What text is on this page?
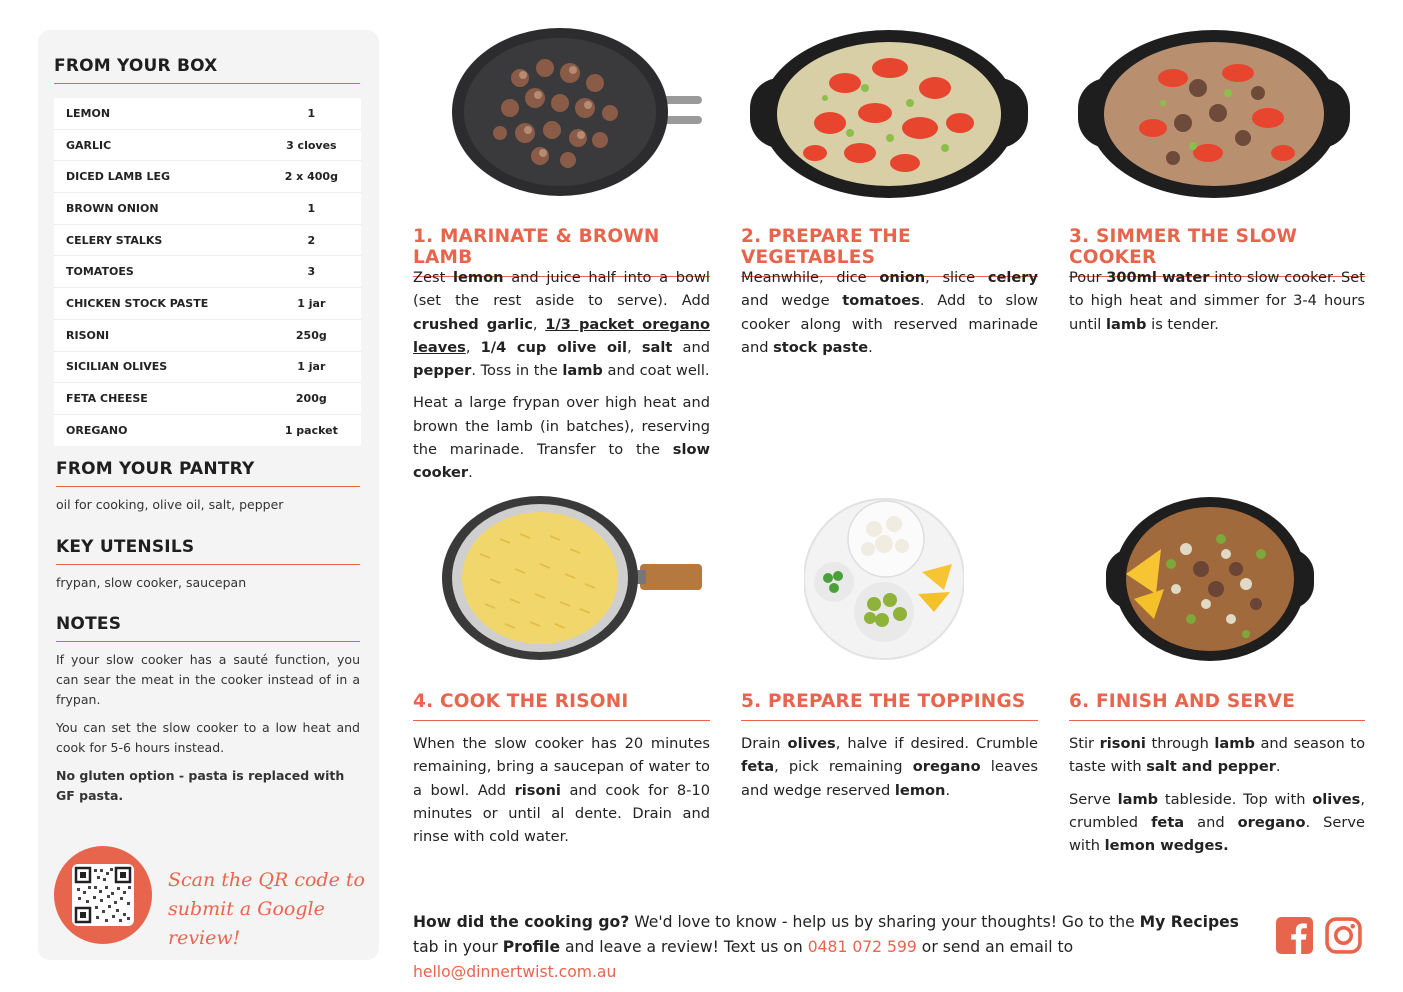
FROM YOUR BOX
LEMON	1
GARLIC	3 cloves
DICED LAMB LEG	2 x 400g
BROWN ONION	1
CELERY STALKS	2
TOMATOES	3
CHICKEN STOCK PASTE	1 jar
RISONI	250g
SICILIAN OLIVES	1 jar
FETA CHEESE	200g
OREGANO	1 packet
FROM YOUR PANTRY

oil for cooking, olive oil, salt, pepper

KEY UTENSILS

frypan, slow cooker, saucepan

NOTES

If your slow cooker has a sauté function, you can sear the meat in the cooker instead of in a frypan.

You can set the slow cooker to a low heat and cook for 5-6 hours instead.

No gluten option - pasta is replaced with GF pasta.

Scan the QR code to
submit a Google review!
1. MARINATE & BROWN LAMB

Zest lemon and juice half into a bowl (set the rest aside to serve). Add crushed garlic, 1/3 packet oregano leaves, 1/4 cup olive oil, salt and pepper. Toss in the lamb and coat well.

Heat a large frypan over high heat and brown the lamb (in batches), reserving the marinade. Transfer to the slow cooker.

2. PREPARE THE VEGETABLES

Meanwhile, dice onion, slice celery and wedge tomatoes. Add to slow cooker along with reserved marinade and stock paste.

3. SIMMER THE SLOW COOKER

Pour 300ml water into slow cooker. Set to high heat and simmer for 3-4 hours until lamb is tender.

4. COOK THE RISONI

When the slow cooker has 20 minutes remaining, bring a saucepan of water to a bowl. Add risoni and cook for 8-10 minutes or until al dente. Drain and rinse with cold water.

5. PREPARE THE TOPPINGS

Drain olives, halve if desired. Crumble feta, pick remaining oregano leaves and wedge reserved lemon.

6. FINISH AND SERVE

Stir risoni through lamb and season to taste with salt and pepper.

Serve lamb tableside. Top with olives, crumbled feta and oregano. Serve with lemon wedges.

How did the cooking go? We'd love to know - help us by sharing your thoughts! Go to the My Recipes tab in your Profile and leave a review! Text us on 0481 072 599 or send an email to hello@dinnertwist.com.au
